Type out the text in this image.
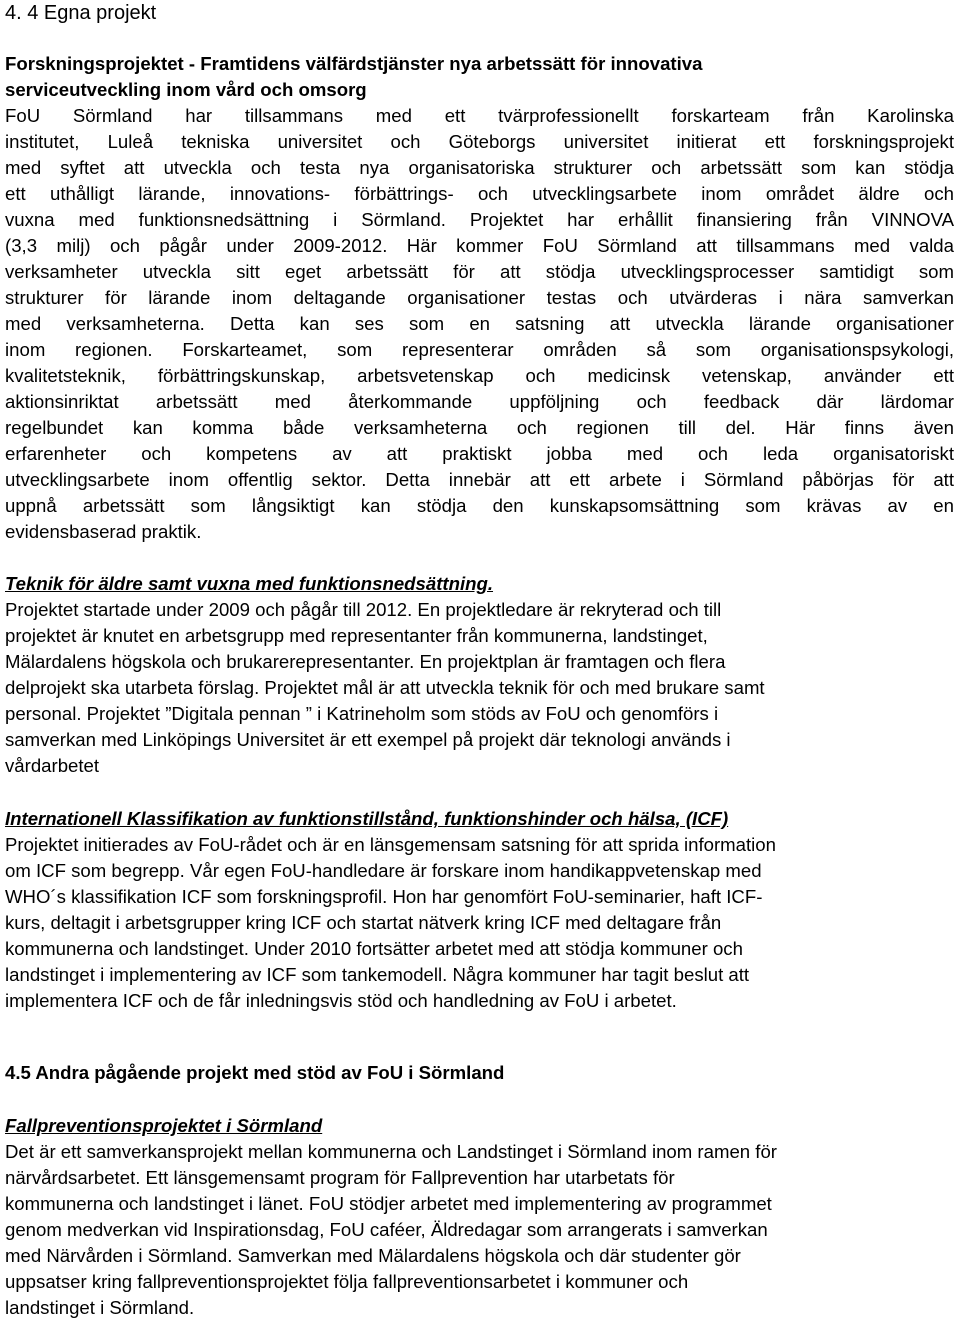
4. 4 Egna projekt
Forskningsprojektet - Framtidens välfärdstjänster nya arbetssätt för innovativa
serviceutveckling inom vård och omsorg
FoU Sörmland har tillsammans med ett tvärprofessionellt forskarteam från Karolinska
institutet, Luleå tekniska universitet och Göteborgs universitet initierat ett forskningsprojekt
med syftet att utveckla och testa nya organisatoriska strukturer och arbetssätt som kan stödja
ett uthålligt lärande, innovations- förbättrings- och utvecklingsarbete inom området äldre och
vuxna med funktionsnedsättning i Sörmland. Projektet har erhållit finansiering från VINNOVA
(3,3 milj) och pågår under 2009-2012. Här kommer FoU Sörmland att tillsammans med valda
verksamheter utveckla sitt eget arbetssätt för att stödja utvecklingsprocesser samtidigt som
strukturer för lärande inom deltagande organisationer testas och utvärderas i nära samverkan
med verksamheterna. Detta kan ses som en satsning att utveckla lärande organisationer
inom regionen. Forskarteamet, som representerar områden så som organisationspsykologi,
kvalitetsteknik, förbättringskunskap, arbetsvetenskap och medicinsk vetenskap, använder ett
aktionsinriktat arbetssätt med återkommande uppföljning och feedback där lärdomar
regelbundet kan komma både verksamheterna och regionen till del. Här finns även
erfarenheter och kompetens av att praktiskt jobba med och leda organisatoriskt
utvecklingsarbete inom offentlig sektor. Detta innebär att ett arbete i Sörmland påbörjas för att
uppnå arbetssätt som långsiktigt kan stödja den kunskapsomsättning som krävas av en
evidensbaserad praktik.
Teknik för äldre samt vuxna med funktionsnedsättning.
Projektet startade under 2009 och pågår till 2012. En projektledare är rekryterad och till
projektet är knutet en arbetsgrupp med representanter från kommunerna, landstinget,
Mälardalens högskola och brukarerepresentanter. En projektplan är framtagen och flera
delprojekt ska utarbeta förslag. Projektet mål är att utveckla teknik för och med brukare samt
personal. Projektet ”Digitala pennan ” i Katrineholm som stöds av FoU och genomförs i
samverkan med Linköpings Universitet är ett exempel på projekt där teknologi används i
vårdarbetet
Internationell Klassifikation av funktionstillstånd, funktionshinder och hälsa, (ICF)
Projektet initierades av FoU-rådet och är en länsgemensam satsning för att sprida information
om ICF som begrepp. Vår egen FoU-handledare är forskare inom handikappvetenskap med
WHO´s klassifikation ICF som forskningsprofil. Hon har genomfört FoU-seminarier, haft ICF-
kurs, deltagit i arbetsgrupper kring ICF och startat nätverk kring ICF med deltagare från
kommunerna och landstinget. Under 2010 fortsätter arbetet med att stödja kommuner och
landstinget i implementering av ICF som tankemodell. Några kommuner har tagit beslut att
implementera ICF och de får inledningsvis stöd och handledning av FoU i arbetet.
4.5 Andra pågående projekt med stöd av FoU i Sörmland
Fallpreventionsprojektet i Sörmland
Det är ett samverkansprojekt mellan kommunerna och Landstinget i Sörmland inom ramen för
närvårdsarbetet. Ett länsgemensamt program för Fallprevention har utarbetats för
kommunerna och landstinget i länet. FoU stödjer arbetet med implementering av programmet
genom medverkan vid Inspirationsdag, FoU caféer, Äldredagar som arrangerats i samverkan
med Närvården i Sörmland. Samverkan med Mälardalens högskola och där studenter gör
uppsatser kring fallpreventionsprojektet följa fallpreventionsarbetet i kommuner och
landstinget i Sörmland.
